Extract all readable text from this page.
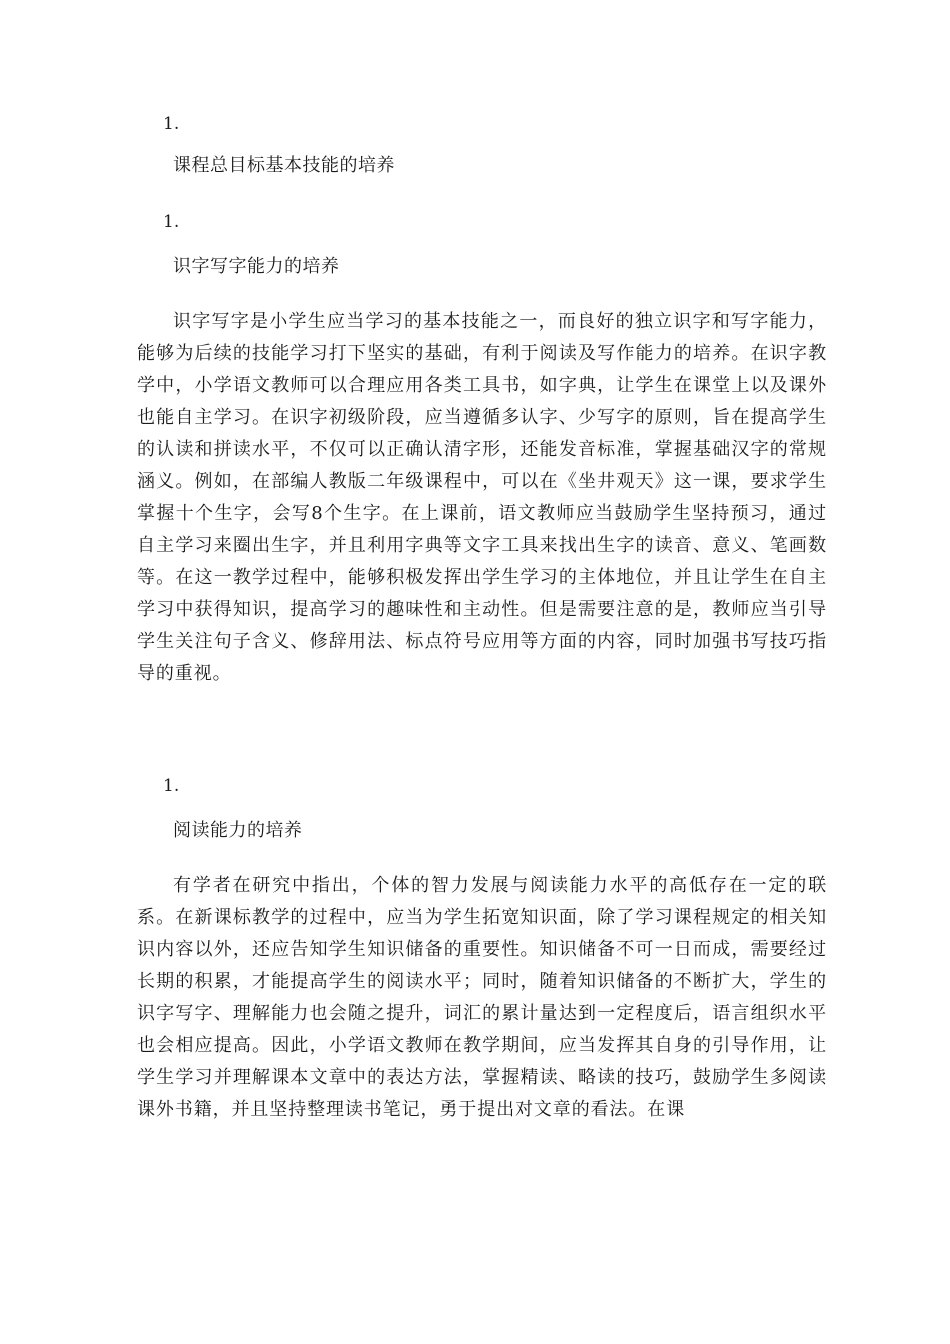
1.
课程总目标基本技能的培养
1.
识字写字能力的培养

识字写字是小学生应当学习的基本技能之一，而良好的独立识字和写字能力，能够为后续的技能学习打下坚实的基础，有利于阅读及写作能力的培养。在识字教学中，小学语文教师可以合理应用各类工具书，如字典，让学生在课堂上以及课外也能自主学习。在识字初级阶段，应当遵循多认字、少写字的原则，旨在提高学生的认读和拼读水平，不仅可以正确认清字形，还能发音标准，掌握基础汉字的常规涵义。例如，在部编人教版二年级课程中，可以在《坐井观天》这一课，要求学生掌握十个生字，会写8个生字。在上课前，语文教师应当鼓励学生坚持预习，通过自主学习来圈出生字，并且利用字典等文字工具来找出生字的读音、意义、笔画数等。在这一教学过程中，能够积极发挥出学生学习的主体地位，并且让学生在自主学习中获得知识，提高学习的趣味性和主动性。但是需要注意的是，教师应当引导学生关注句子含义、修辞用法、标点符号应用等方面的内容，同时加强书写技巧指导的重视。

1.
阅读能力的培养

有学者在研究中指出，个体的智力发展与阅读能力水平的高低存在一定的联系。在新课标教学的过程中，应当为学生拓宽知识面，除了学习课程规定的相关知识内容以外，还应告知学生知识储备的重要性。知识储备不可一日而成，需要经过长期的积累，才能提高学生的阅读水平；同时，随着知识储备的不断扩大，学生的识字写字、理解能力也会随之提升，词汇的累计量达到一定程度后，语言组织水平也会相应提高。因此，小学语文教师在教学期间，应当发挥其自身的引导作用，让学生学习并理解课本文章中的表达方法，掌握精读、略读的技巧，鼓励学生多阅读课外书籍，并且坚持整理读书笔记，勇于提出对文章的看法。在课
